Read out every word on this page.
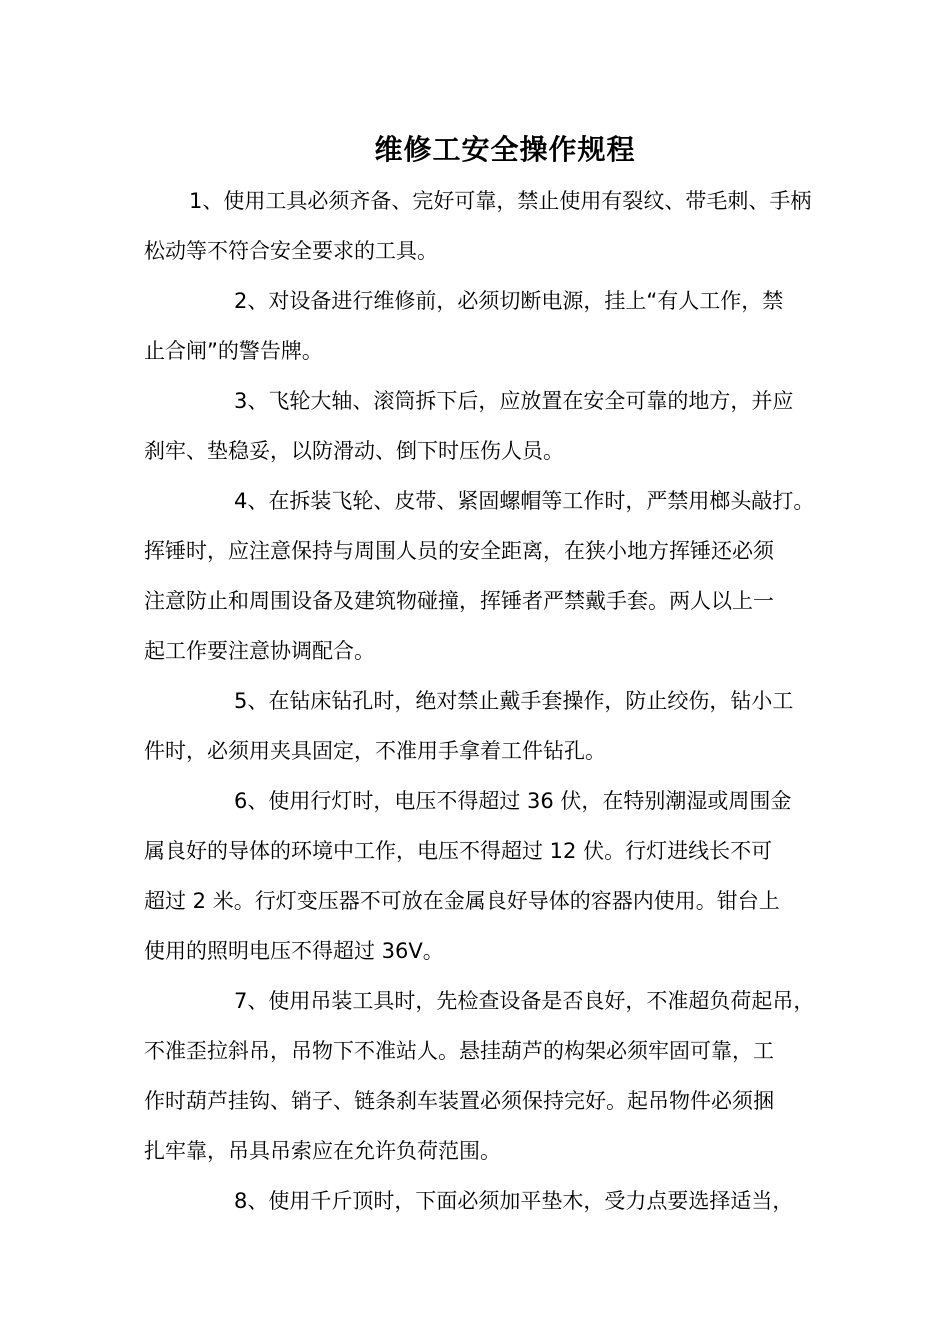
维修工安全操作规程

1、使用工具必须齐备、完好可靠，禁止使用有裂纹、带毛刺、手柄

松动等不符合安全要求的工具。

2、对设备进行维修前，必须切断电源，挂上“有人工作，禁

止合闸”的警告牌。

3、飞轮大轴、滚筒拆下后，应放置在安全可靠的地方，并应

刹牢、垫稳妥，以防滑动、倒下时压伤人员。

4、在拆装飞轮、皮带、紧固螺帽等工作时，严禁用榔头敲打。

挥锤时，应注意保持与周围人员的安全距离，在狭小地方挥锤还必须

注意防止和周围设备及建筑物碰撞，挥锤者严禁戴手套。两人以上一

起工作要注意协调配合。

5、在钻床钻孔时，绝对禁止戴手套操作，防止绞伤，钻小工

件时，必须用夹具固定，不准用手拿着工件钻孔。

6、使用行灯时，电压不得超过 36 伏，在特别潮湿或周围金

属良好的导体的环境中工作，电压不得超过 12 伏。行灯进线长不可

超过 2 米。行灯变压器不可放在金属良好导体的容器内使用。钳台上

使用的照明电压不得超过 36V。

7、使用吊装工具时，先检查设备是否良好，不准超负荷起吊，

不准歪拉斜吊，吊物下不准站人。悬挂葫芦的构架必须牢固可靠，工

作时葫芦挂钩、销子、链条刹车装置必须保持完好。起吊物件必须捆

扎牢靠，吊具吊索应在允许负荷范围。

8、使用千斤顶时，下面必须加平垫木，受力点要选择适当，
